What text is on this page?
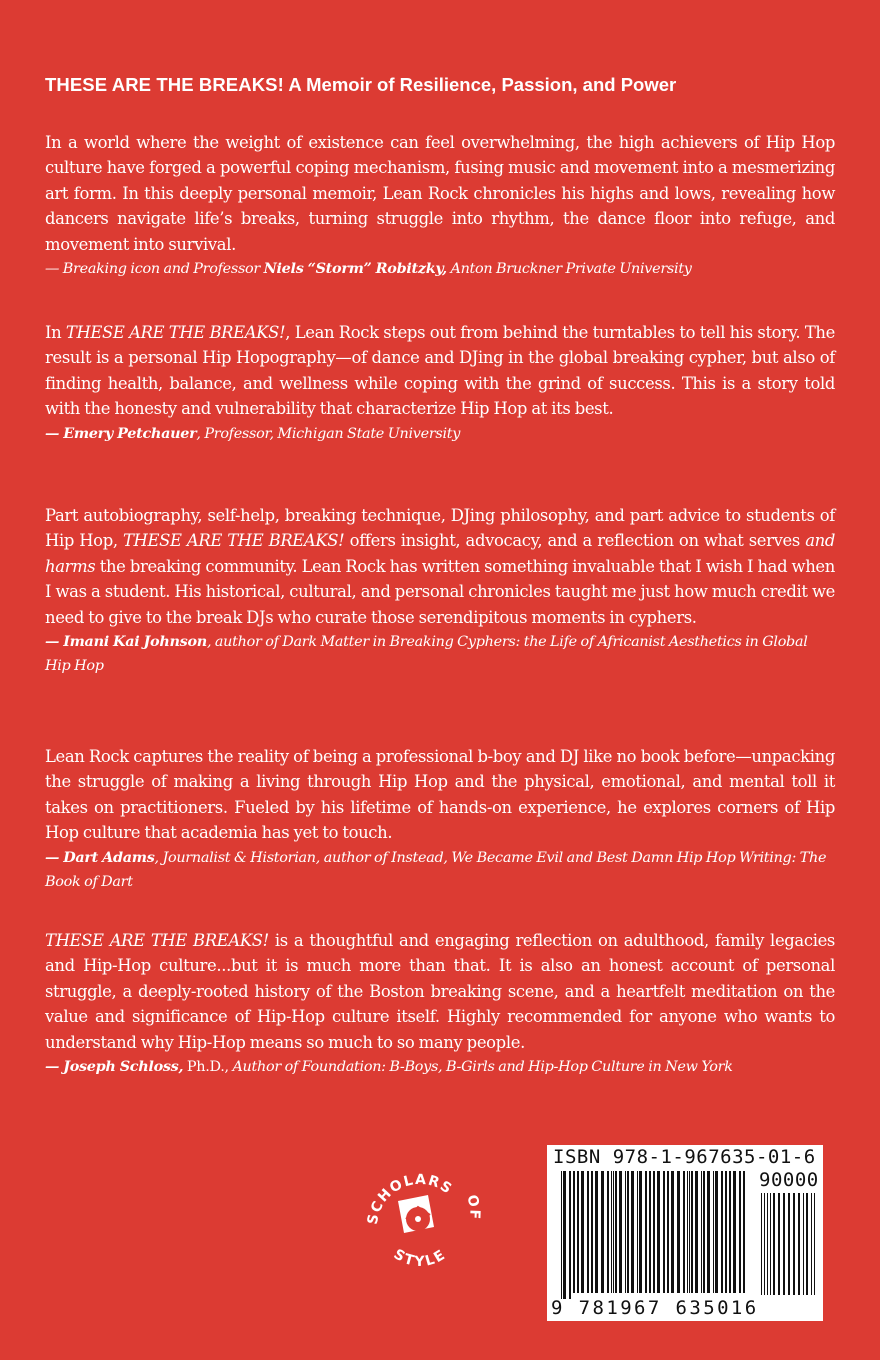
THESE ARE THE BREAKS! A Memoir of Resilience, Passion, and Power

In a world where the weight of existence can feel overwhelming, the high achievers of Hip Hop culture have forged a powerful coping mechanism, fusing music and movement into a mesmerizing art form. In this deeply personal memoir, Lean Rock chronicles his highs and lows, revealing how dancers navigate life’s breaks, turning struggle into rhythm, the dance floor into refuge, and movement into survival.

— Breaking icon and Professor Niels “Storm” Robitzky, Anton Bruckner Private University

In THESE ARE THE BREAKS!, Lean Rock steps out from behind the turntables to tell his story. The result is a personal Hip Hopography—of dance and DJing in the global breaking cypher, but also of finding health, balance, and wellness while coping with the grind of success. This is a story told with the honesty and vulnerability that characterize Hip Hop at its best.

— Emery Petchauer, Professor, Michigan State University

Part autobiography, self-help, breaking technique, DJing philosophy, and part advice to students of Hip Hop, THESE ARE THE BREAKS! offers insight, advocacy, and a reflection on what serves and harms the breaking community. Lean Rock has written something invaluable that I wish I had when I was a student. His historical, cultural, and personal chronicles taught me just how much credit we need to give to the break DJs who curate those serendipitous moments in cyphers.

— Imani Kai Johnson, author of Dark Matter in Breaking Cyphers: the Life of Africanist Aesthetics in Global Hip Hop

Lean Rock captures the reality of being a professional b-boy and DJ like no book before—unpacking the struggle of making a living through Hip Hop and the physical, emotional, and mental toll it takes on practitioners. Fueled by his lifetime of hands-on experience, he explores corners of Hip Hop culture that academia has yet to touch.

— Dart Adams, Journalist & Historian, author of Instead, We Became Evil and Best Damn Hip Hop Writing: The Book of Dart

THESE ARE THE BREAKS! is a thoughtful and engaging reflection on adulthood, family legacies and Hip-Hop culture...but it is much more than that. It is also an honest account of personal struggle, a deeply-rooted history of the Boston breaking scene, and a heartfelt meditation on the value and significance of Hip-Hop culture itself. Highly recommended for anyone who wants to understand why Hip-Hop means so much to so many people.

— Joseph Schloss, Ph.D., Author of Foundation: B-Boys, B-Girls and Hip-Hop Culture in New York

SCHOLARS
OF
STYLE
ISBN 978-1-967635-01-6
90000
9 781967 635016
